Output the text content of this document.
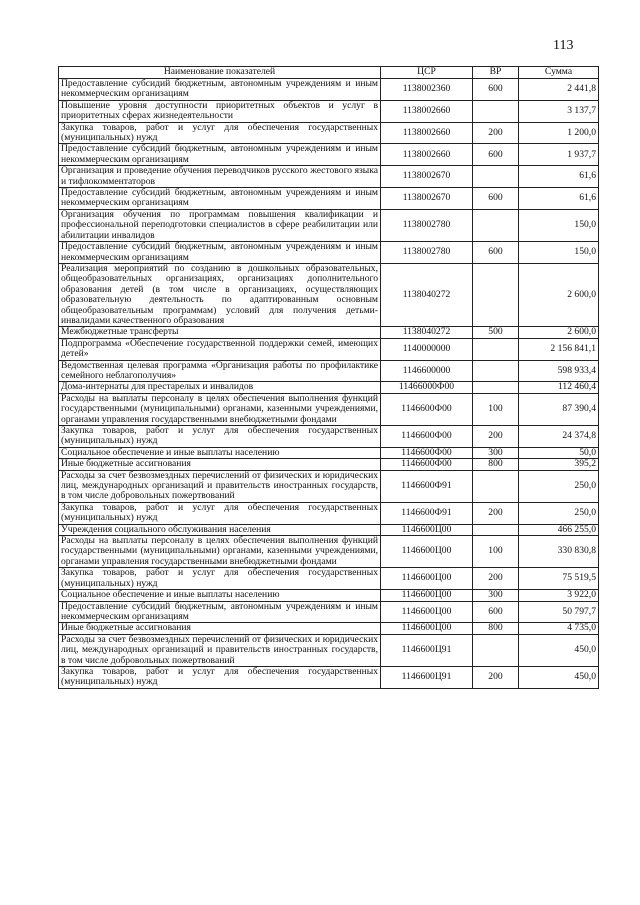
113
Наименование показателей	ЦСР	ВР	Сумма
Предоставление субсидий бюджетным, автономным учреждениям и иным некоммерческим организациям	1138002360	600	2 441,8
Повышение уровня доступности приоритетных объектов и услуг в приоритетных сферах жизнедеятельности	1138002660		3 137,7
Закупка товаров, работ и услуг для обеспечения государственных (муниципальных) нужд	1138002660	200	1 200,0
Предоставление субсидий бюджетным, автономным учреждениям и иным некоммерческим организациям	1138002660	600	1 937,7
Организация и проведение обучения переводчиков русского жестового языка и тифлокомментаторов	1138002670		61,6
Предоставление субсидий бюджетным, автономным учреждениям и иным некоммерческим организациям	1138002670	600	61,6
Организация обучения по программам повышения квалификации и профессиональной переподготовки специалистов в сфере реабилитации или абилитации инвалидов	1138002780		150,0
Предоставление субсидий бюджетным, автономным учреждениям и иным некоммерческим организациям	1138002780	600	150,0
Реализация мероприятий по созданию в дошкольных образовательных, общеобразовательных организациях, организациях дополнительного образования детей (в том числе в организациях, осуществляющих образовательную деятельность по адаптированным основным общеобразовательным программам) условий для получения детьми-инвалидами качественного образования	1138040272		2 600,0
Межбюджетные трансферты	1138040272	500	2 600,0
Подпрограмма «Обеспечение государственной поддержки семей, имеющих детей»	1140000000		2 156 841,1
Ведомственная целевая программа «Организация работы по профилактике семейного неблагополучия»	1146600000		598 933,4
Дома-интернаты для престарелых и инвалидов	11466000Ф00		112 460,4
Расходы на выплаты персоналу в целях обеспечения выполнения функций государственными (муниципальными) органами, казенными учреждениями, органами управления государственными внебюджетными фондами	1146600Ф00	100	87 390,4
Закупка товаров, работ и услуг для обеспечения государственных (муниципальных) нужд	1146600Ф00	200	24 374,8
Социальное обеспечение и иные выплаты населению	1146600Ф00	300	50,0
Иные бюджетные ассигнования	1146600Ф00	800	395,2
Расходы за счет безвозмездных перечислений от физических и юридических лиц, международных организаций и правительств иностранных государств, в том числе добровольных пожертвований	1146600Ф91		250,0
Закупка товаров, работ и услуг для обеспечения государственных (муниципальных) нужд	1146600Ф91	200	250,0
Учреждения социального обслуживания населения	1146600Ц00		466 255,0
Расходы на выплаты персоналу в целях обеспечения выполнения функций государственными (муниципальными) органами, казенными учреждениями, органами управления государственными внебюджетными фондами	1146600Ц00	100	330 830,8
Закупка товаров, работ и услуг для обеспечения государственных (муниципальных) нужд	1146600Ц00	200	75 519,5
Социальное обеспечение и иные выплаты населению	1146600Ц00	300	3 922,0
Предоставление субсидий бюджетным, автономным учреждениям и иным некоммерческим организациям	1146600Ц00	600	50 797,7
Иные бюджетные ассигнования	1146600Ц00	800	4 735,0
Расходы за счет безвозмездных перечислений от физических и юридических лиц, международных организаций и правительств иностранных государств, в том числе добровольных пожертвований	1146600Ц91		450,0
Закупка товаров, работ и услуг для обеспечения государственных (муниципальных) нужд	1146600Ц91	200	450,0
